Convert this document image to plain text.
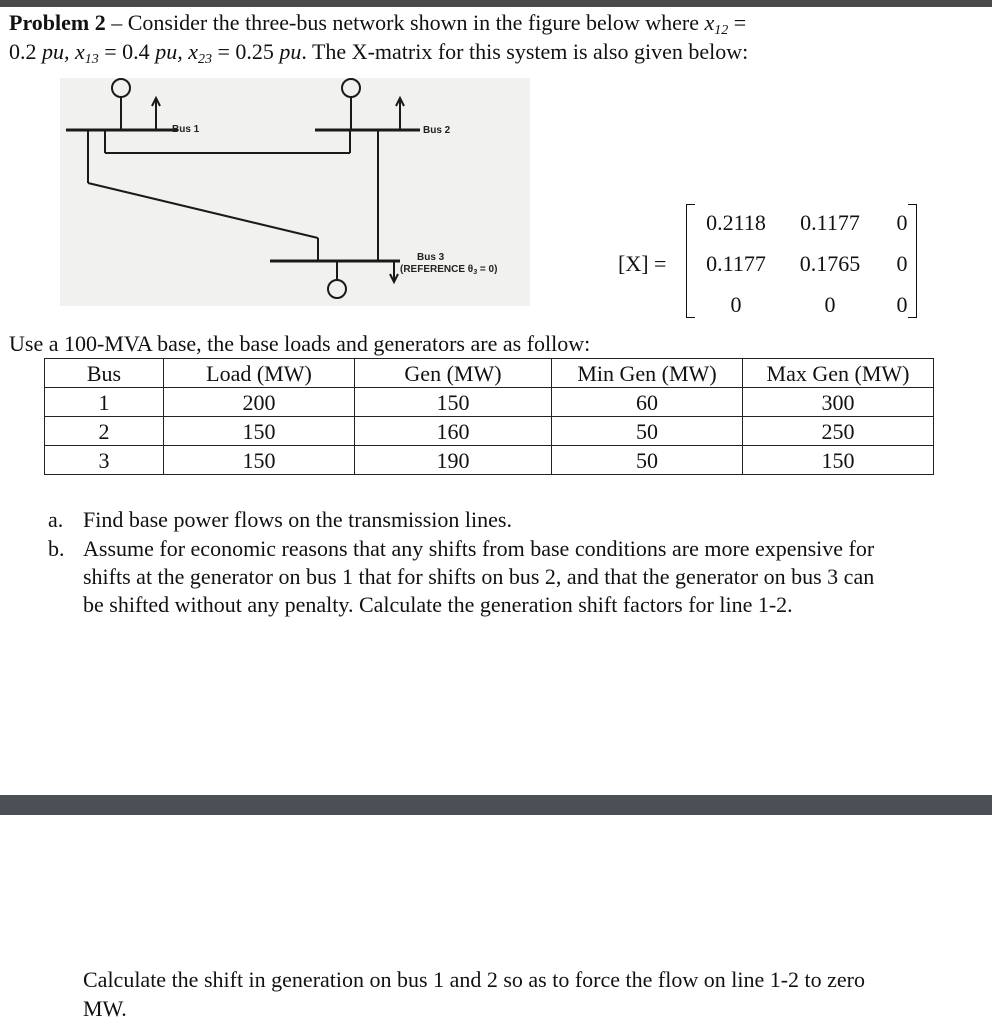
Problem 2 – Consider the three-bus network shown in the figure below where $x_{12}$ =
0.2 pu, $x_{13} = 0.4$ pu, $x_{23} = 0.25$ pu. The X-matrix for this system is also given below:
Bus 1	Bus 2
Bus 3
(REFERENCE $\theta_3 = 0$)	[X] =
0.2118	0.1177	0
0.1177	0.1765	0
0	0	0
Use a 100-MVA base, the base loads and generators are as follow:
Bus	Load (MW)	Gen (MW)	Min Gen (MW)	Max Gen (MW)
1	200	150	60	300
2	150	160	50	250
3	150	190	50	150
a. Find base power flows on the transmission lines.
b. Assume for economic reasons that any shifts from base conditions are more expensive for
shifts at the generator on bus 1 that for shifts on bus 2, and that the generator on bus 3 can
be shifted without any penalty. Calculate the generation shift factors for line 1-2.
Calculate the shift in generation on bus 1 and 2 so as to force the flow on line 1-2 to zero
MW.
